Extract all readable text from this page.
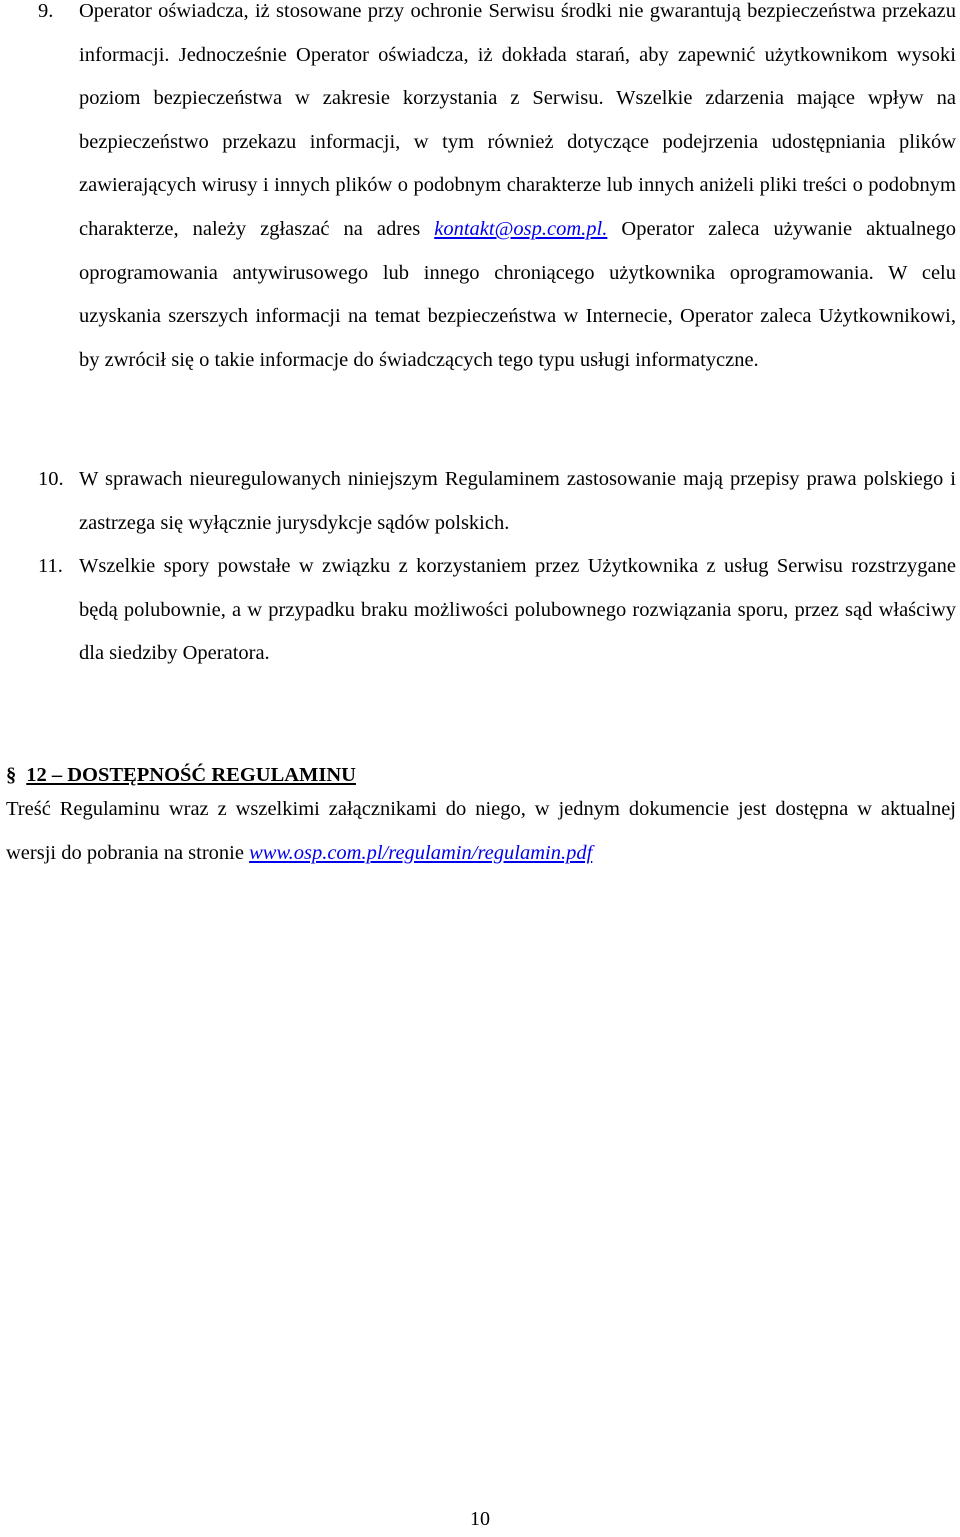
9. Operator oświadcza, iż stosowane przy ochronie Serwisu środki nie gwarantują bezpieczeństwa przekazu informacji. Jednocześnie Operator oświadcza, iż dokłada starań, aby zapewnić użytkownikom wysoki poziom bezpieczeństwa w zakresie korzystania z Serwisu. Wszelkie zdarzenia mające wpływ na bezpieczeństwo przekazu informacji, w tym również dotyczące podejrzenia udostępniania plików zawierających wirusy i innych plików o podobnym charakterze lub innych aniżeli pliki treści o podobnym charakterze, należy zgłaszać na adres kontakt@osp.com.pl. Operator zaleca używanie aktualnego oprogramowania antywirusowego lub innego chroniącego użytkownika oprogramowania. W celu uzyskania szerszych informacji na temat bezpieczeństwa w Internecie, Operator zaleca Użytkownikowi, by zwrócił się o takie informacje do świadczących tego typu usługi informatyczne.

10. W sprawach nieuregulowanych niniejszym Regulaminem zastosowanie mają przepisy prawa polskiego i zastrzega się wyłącznie jurysdykcje sądów polskich.

11. Wszelkie spory powstałe w związku z korzystaniem przez Użytkownika z usług Serwisu rozstrzygane będą polubownie, a w przypadku braku możliwości polubownego rozwiązania sporu, przez sąd właściwy dla siedziby Operatora.

§ 12 – DOSTĘPNOŚĆ REGULAMINU

Treść Regulaminu wraz z wszelkimi załącznikami do niego, w jednym dokumencie jest dostępna w aktualnej wersji do pobrania na stronie www.osp.com.pl/regulamin/regulamin.pdf

10
